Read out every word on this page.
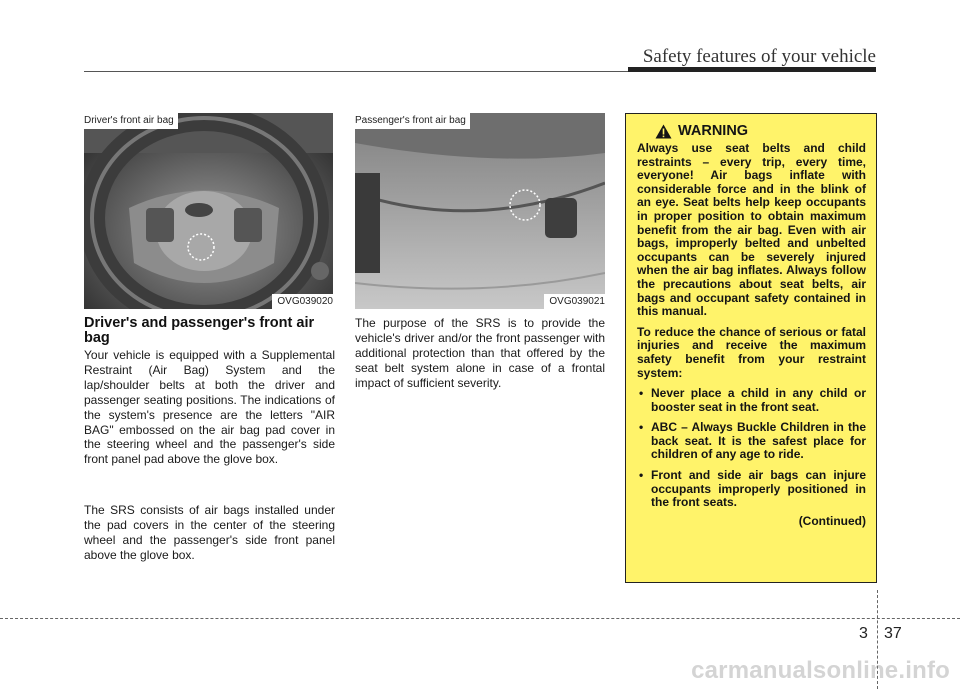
Safety features of your vehicle
Driver's front air bag
OVG039020
Passenger's front air bag
OVG039021
Driver's and passenger's front air bag

Your vehicle is equipped with a Supplemental Restraint (Air Bag) System and the lap/shoulder belts at both the driver and passenger seating positions. The indications of the system's presence are the letters "AIR BAG" embossed on the air bag pad cover in the steering wheel and the passenger's side front panel pad above the glove box.

The SRS consists of air bags installed under the pad covers in the center of the steering wheel and the passenger's side front panel above the glove box.

The purpose of the SRS is to provide the vehicle's driver and/or the front passenger with additional protection than that offered by the seat belt system alone in case of a frontal impact of sufficient severity.

WARNING

Always use seat belts and child restraints – every trip, every time, everyone! Air bags inflate with considerable force and in the blink of an eye. Seat belts help keep occupants in proper position to obtain maximum benefit from the air bag. Even with air bags, improperly belted and unbelted occupants can be severely injured when the air bag inflates. Always follow the precautions about seat belts, air bags and occupant safety contained in this manual.

To reduce the chance of serious or fatal injuries and receive the maximum safety benefit from your restraint system:

• Never place a child in any child or booster seat in the front seat.
• ABC – Always Buckle Children in the back seat. It is the safest place for children of any age to ride.
• Front and side air bags can injure occupants improperly positioned in the front seats.
(Continued)
3 37
carmanualsonline.info
